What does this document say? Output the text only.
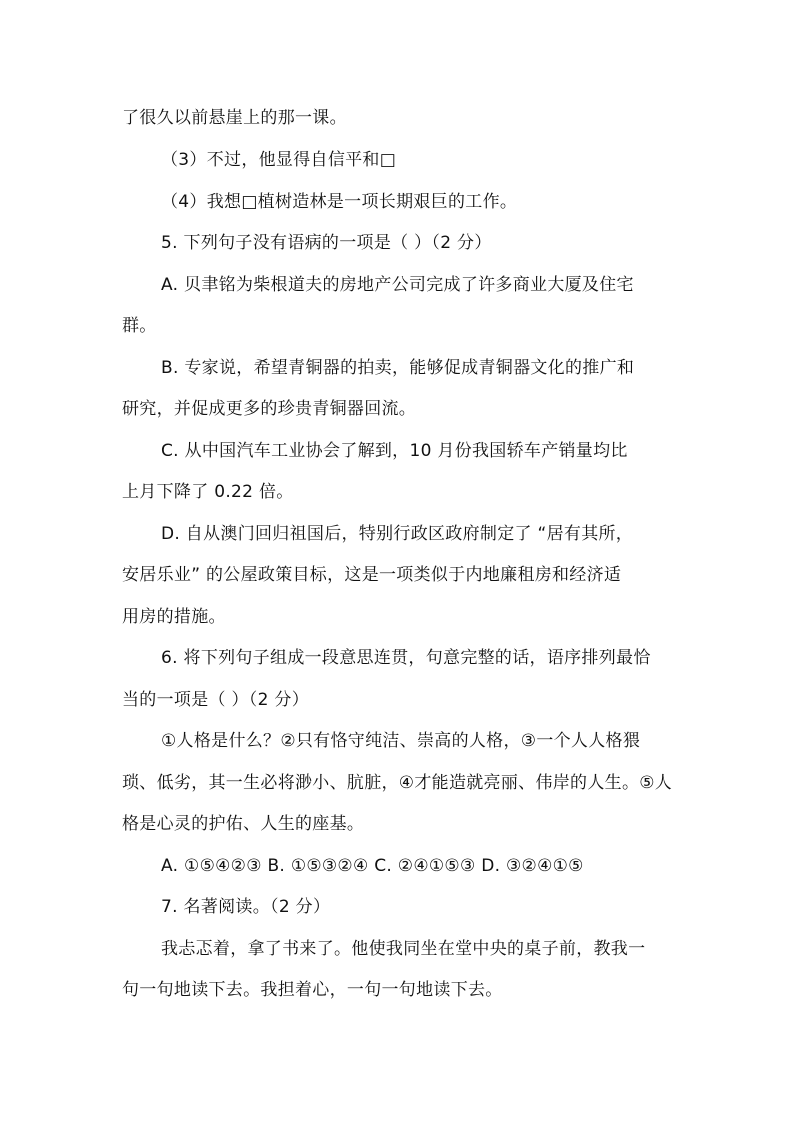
了很久以前悬崖上的那一课。
（3）不过，他显得自信平和□
（4）我想□植树造林是一项长期艰巨的工作。
5. 下列句子没有语病的一项是（ ）（2 分）
A. 贝聿铭为柴根道夫的房地产公司完成了许多商业大厦及住宅
群。
B. 专家说，希望青铜器的拍卖，能够促成青铜器文化的推广和
研究，并促成更多的珍贵青铜器回流。
C. 从中国汽车工业协会了解到，10 月份我国轿车产销量均比
上月下降了 0.22 倍。
D. 自从澳门回归祖国后，特别行政区政府制定了 “居有其所，
安居乐业” 的公屋政策目标，这是一项类似于内地廉租房和经济适
用房的措施。
6. 将下列句子组成一段意思连贯，句意完整的话，语序排列最恰
当的一项是（ ）（2 分）
①人格是什么？②只有恪守纯洁、崇高的人格，③一个人人格猥
琐、低劣，其一生必将渺小、肮脏，④才能造就亮丽、伟岸的人生。⑤人
格是心灵的护佑、人生的座基。
A. ①⑤④②③ B. ①⑤③②④ C. ②④①⑤③ D. ③②④①⑤
7. 名著阅读。（2 分）
我忐忑着，拿了书来了。他使我同坐在堂中央的桌子前，教我一
句一句地读下去。我担着心，一句一句地读下去。
